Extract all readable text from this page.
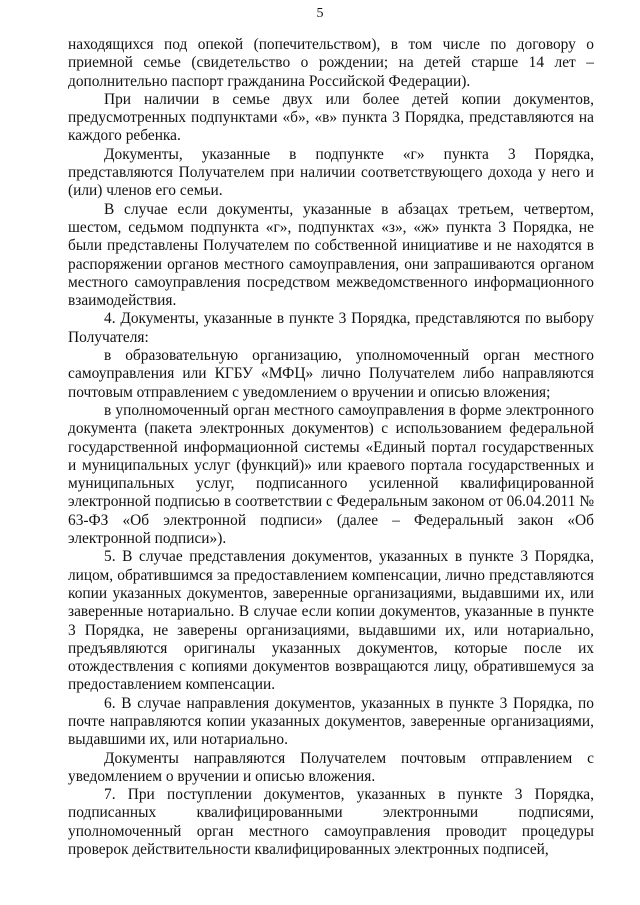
5

находящихся под опекой (попечительством), в том числе по договору о приемной семье (свидетельство о рождении; на детей старше 14 лет – дополнительно паспорт гражданина Российской Федерации).

При наличии в семье двух или более детей копии документов, предусмотренных подпунктами «б», «в» пункта 3 Порядка, представляются на каждого ребенка.

Документы, указанные в подпункте «г» пункта 3 Порядка, представляются Получателем при наличии соответствующего дохода у него и (или) членов его семьи.

В случае если документы, указанные в абзацах третьем, четвертом, шестом, седьмом подпункта «г», подпунктах «з», «ж» пункта 3 Порядка, не были представлены Получателем по собственной инициативе и не находятся в распоряжении органов местного самоуправления, они запрашиваются органом местного самоуправления посредством межведомственного информационного взаимодействия.

4. Документы, указанные в пункте 3 Порядка, представляются по выбору Получателя:

в образовательную организацию, уполномоченный орган местного самоуправления или КГБУ «МФЦ» лично Получателем либо направляются почтовым отправлением с уведомлением о вручении и описью вложения;

в уполномоченный орган местного самоуправления в форме электронного документа (пакета электронных документов) с использованием федеральной государственной информационной системы «Единый портал государственных и муниципальных услуг (функций)» или краевого портала государственных и муниципальных услуг, подписанного усиленной квалифицированной электронной подписью в соответствии с Федеральным законом от 06.04.2011 № 63-ФЗ «Об электронной подписи» (далее – Федеральный закон «Об электронной подписи»).

5. В случае представления документов, указанных в пункте 3 Порядка, лицом, обратившимся за предоставлением компенсации, лично представляются копии указанных документов, заверенные организациями, выдавшими их, или заверенные нотариально. В случае если копии документов, указанные в пункте 3 Порядка, не заверены организациями, выдавшими их, или нотариально, предъявляются оригиналы указанных документов, которые после их отождествления с копиями документов возвращаются лицу, обратившемуся за предоставлением компенсации.

6. В случае направления документов, указанных в пункте 3 Порядка, по почте направляются копии указанных документов, заверенные организациями, выдавшими их, или нотариально.

Документы направляются Получателем почтовым отправлением с уведомлением о вручении и описью вложения.

7. При поступлении документов, указанных в пункте 3 Порядка, подписанных квалифицированными электронными подписями, уполномоченный орган местного самоуправления проводит процедуры проверок действительности квалифицированных электронных подписей,
